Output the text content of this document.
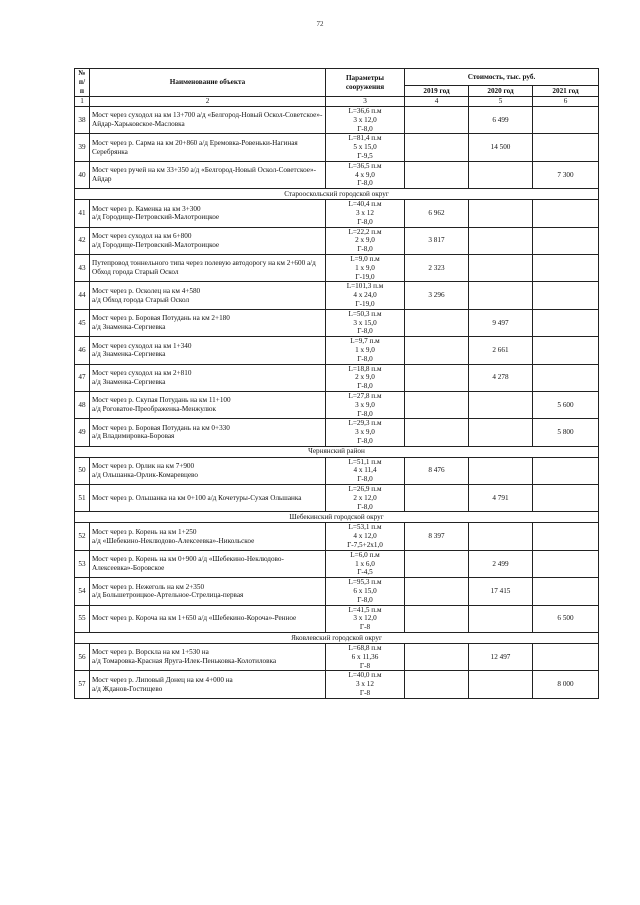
72
№
п/п	Наименование объекта	Параметры
сооружения	Стоимость, тыс. руб.		
			2019 год	2020 год	2021 год
1	2	3	4	5	6
38	Мост через суходол на км 13+700 а/д «Белгород-Новый Оскол-Советское»-Айдар-Харьковское-Масловка	L=36,6 п.м
3 x 12,0
Г-8,0		6 499	
39	Мост через р. Сарма на км 20+860 а/д Еремовка-Ровеньки-Нагиная Серебрянка	L=81,4 п.м
5 x 15,0
Г-9,5		14 500	
40	Мост через ручей на км 33+350 а/д «Белгород-Новый Оскол-Советское»-Айдар	L=36,5 п.м
4 x 9,0
Г-8,0			7 300
Старооскольский городской округ					
41	Мост через р. Каменка на км 3+300
а/д Городище-Петровский-Малотроицкое	L=40,4 п.м
3 x 12
Г-8,0	6 962		
42	Мост через суходол на км 6+800
а/д Городище-Петровский-Малотроицкое	L=22,2 п.м
2 x 9,0
Г-8,0	3 817		
43	Путепровод тоннельного типа через полевую автодорогу на км 2+600 а/д Обход города Старый Оскол	L=9,0 п.м
1 x 9,0
Г-19,0	2 323		
44	Мост через р. Осколец на км 4+580
а/д Обход города Старый Оскол	L=101,3 п.м
4 x 24,0
Г-19,0	3 296		
45	Мост через р. Боровая Потудань на км 2+180
а/д Знаменка-Сергиевка	L=50,3 п.м
3 x 15,0
Г-8,0		9 497	
46	Мост через суходол на км 1+340
а/д Знаменка-Сергиевка	L=9,7 п.м
1 x 9,0
Г-8,0		2 661	
47	Мост через суходол на км 2+810
а/д Знаменка-Сергиевка	L=18,8 п.м
2 x 9,0
Г-8,0		4 278	
48	Мост через р. Скупая Потудань на км 11+100
а/д Роговатое-Преображенка-Менжулюк	L=27,8 п.м
3 x 9,0
Г-8,0			5 600
49	Мост через р. Боровая Потудань на км 0+330
а/д Владимировка-Боровая	L=29,3 п.м
3 x 9,0
Г-8,0			5 800
Чернянский район					
50	Мост через р. Орлик на км 7+900
а/д Ольшанка-Орлик-Комаревцево	L=51,1 п.м
4 x 11,4
Г-8,0	8 476		
51	Мост через р. Ольшанка на км 0+100 а/д Кочетуры-Сухая Ольшанка	L=26,9 п.м
2 x 12,0
Г-8,0		4 791	
Шебекинский городской округ					
52	Мост через р. Корень на км 1+250
а/д «Шебекино-Неклюдово-Алексеевка»-Никольское	L=53,1 п.м
4 x 12,0
Г-7,5+2x1,0	8 397		
53	Мост через р. Корень на км 0+900 а/д «Шебекино-Неклюдово-Алексеевка»-Боровское	L=6,0 п.м
1 x 6,0
Г-4,5		2 499	
54	Мост через р. Нежеголь на км 2+350
а/д Большетроицкое-Артельное-Стрелица-первая	L=95,3 п.м
6 x 15,0
Г-8,0		17 415	
55	Мост через р. Короча на км 1+650 а/д «Шебекино-Короча»-Ренное	L=41,5 п.м
3 x 12,0
Г-8			6 500
Яковлевский городской округ					
56	Мост через р. Ворскла на км 1+530 на
а/д Томаровка-Красная Яруга-Илек-Пеньковка-Колотиловка	L=68,8 п.м
6 x 11,36
Г-8		12 497	
57	Мост через р. Липовый Донец на км 4+000 на
а/д Жданов-Гостищево	L=40,0 п.м
3 x 12
Г-8			8 000
